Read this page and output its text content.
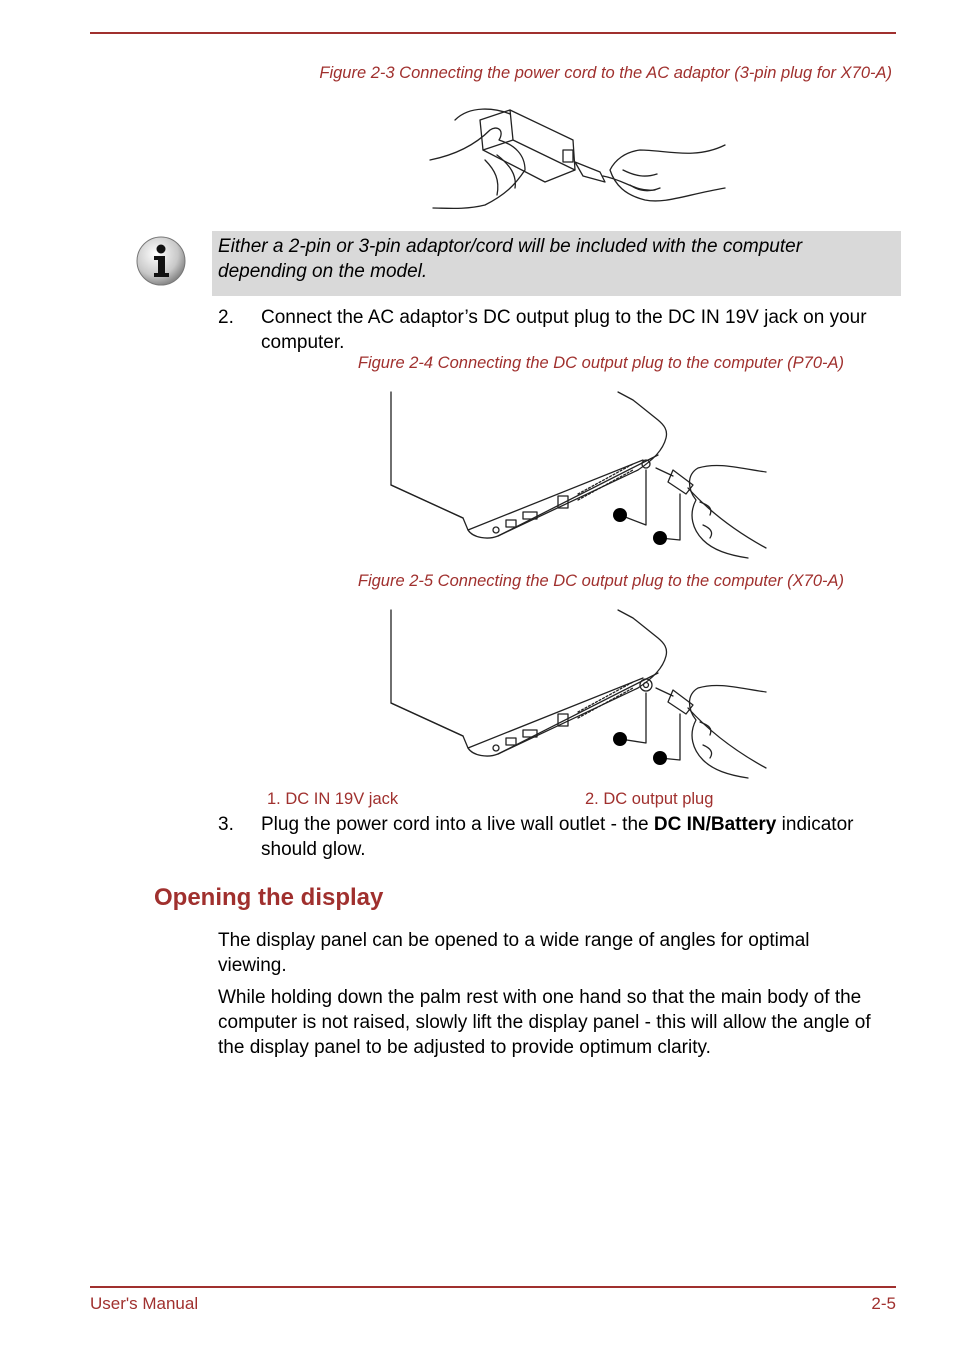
Figure 2-3 Connecting the power cord to the AC adaptor (3-pin plug for X70-A)
Either a 2-pin or 3-pin adaptor/cord will be included with the computer depending on the model.
2. Connect the AC adaptor’s DC output plug to the DC IN 19V jack on your computer.
Figure 2-4 Connecting the DC output plug to the computer (P70-A)
Figure 2-5 Connecting the DC output plug to the computer (X70-A)
1. DC IN 19V jack	2. DC output plug
3. Plug the power cord into a live wall outlet - the DC IN/Battery indicator should glow.
Opening the display
The display panel can be opened to a wide range of angles for optimal viewing.
While holding down the palm rest with one hand so that the main body of the computer is not raised, slowly lift the display panel - this will allow the angle of the display panel to be adjusted to provide optimum clarity.
User's Manual	2-5
